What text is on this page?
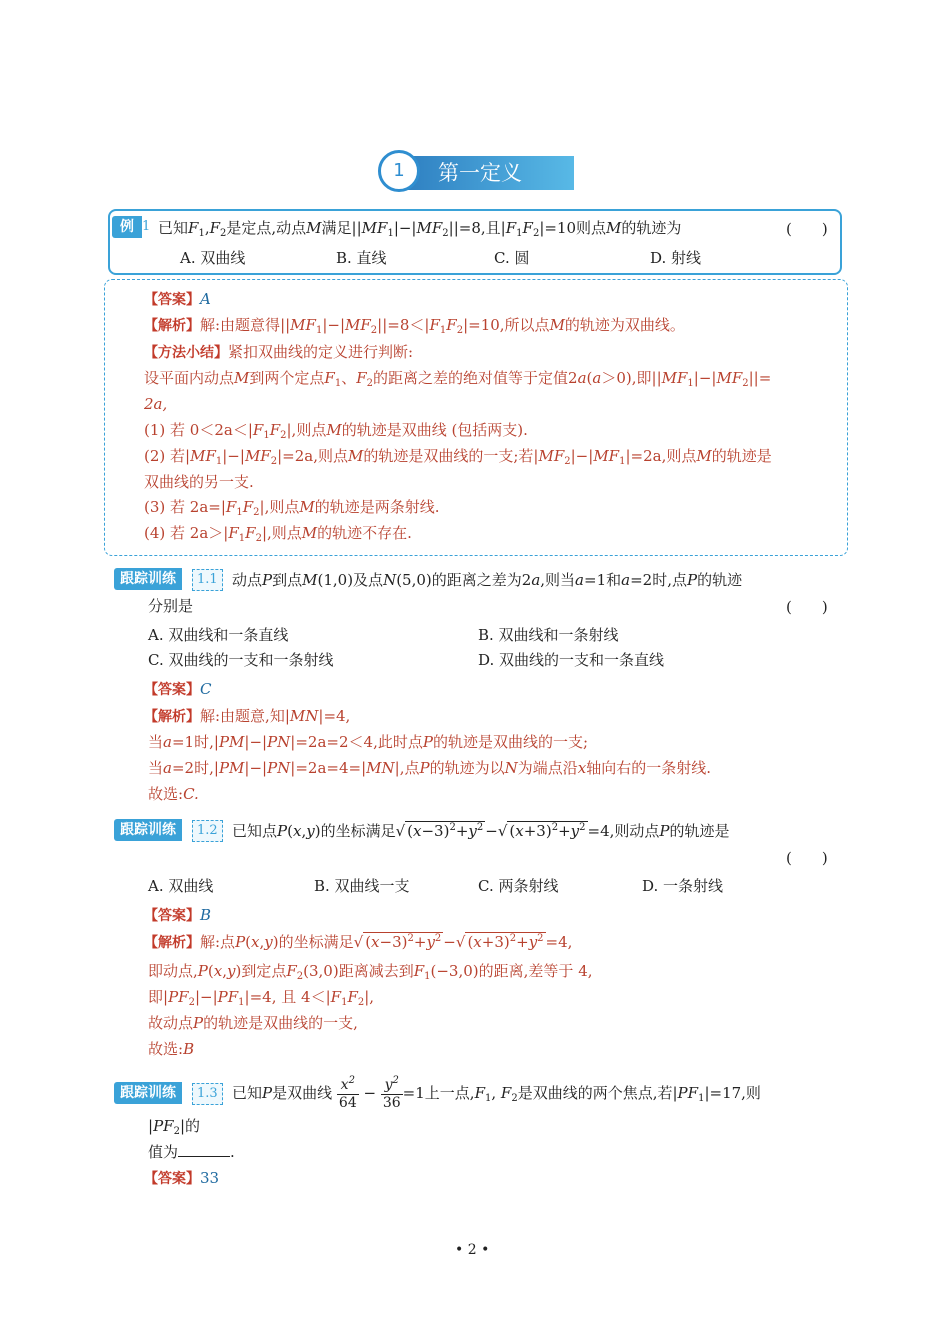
1	第一定义
例 1 已知$F_1,F_2$是定点,动点M满足$||MF_1|-|MF_2||=8$,且$|F_1F_2|=10$则点M的轨迹为	(　　)
A. 双曲线	B. 直线	C. 圆	D. 射线
【答案】A
【解析】解:由题意得$||MF_1|-|MF_2||=8<|F_1F_2|=10$,所以点M的轨迹为双曲线。
【方法小结】紧扣双曲线的定义进行判断:
设平面内动点M到两个定点$F_1$、$F_2$的距离之差的绝对值等于定值2a(a＞0),即$||MF_1|-|MF_2||=$
2a,
(1) 若 $0<2a<|F_1F_2|$,则点M的轨迹是双曲线 (包括两支).
(2) 若$|MF_1|-|MF_2|=2a$,则点M的轨迹是双曲线的一支;若$|MF_2|-|MF_1|=2a$,则点M的轨迹是
双曲线的另一支.
(3) 若 $2a=|F_1F_2|$,则点M的轨迹是两条射线.
(4) 若 $2a>|F_1F_2|$,则点M的轨迹不存在.
跟踪训练	1.1 动点P到点M(1,0)及点N(5,0)的距离之差为2a,则当a=1和a=2时,点P的轨迹
分别是	(　　)
A. 双曲线和一条直线	B. 双曲线和一条射线
C. 双曲线的一支和一条射线	D. 双曲线的一支和一条直线
【答案】C
【解析】解:由题意,知|MN|=4,
当a=1时,|PM|−|PN|=2a=2＜4,此时点P的轨迹是双曲线的一支;
当a=2时,|PM|−|PN|=2a=4=|MN|,点P的轨迹为以N为端点沿x轴向右的一条射线.
故选:C.
跟踪训练	1.2 已知点P(x,y)的坐标满足√ $(x-3)^2+y^2$ −√ $(x+3)^2+y^2 =4$,则动点P的轨迹是
(　　)
A. 双曲线	B. 双曲线一支	C. 两条射线	D. 一条射线
【答案】B
【解析】解:点P(x,y)的坐标满足√ $(x-3)^2+y^2$ −√ $(x+3)^2+y^2 =4$,
即动点,P(x,y)到定点$F_2(3,0)$距离减去到$F_1(-3,0)$的距离,差等于 4,
即$|PF_2|-|PF_1|=4$, 且 $4<|F_1F_2|$,
故动点P的轨迹是双曲线的一支,
故选:B
跟踪训练	1.3 已知P是双曲线 $\frac{x^2}{64} - \frac{y^2}{36} =1$上一点$,F_1$, $F_2$是双曲线的两个焦点,若$|PF_1|=17$,则
$|PF_2|$的
值为	.
【答案】33
• 2 •
